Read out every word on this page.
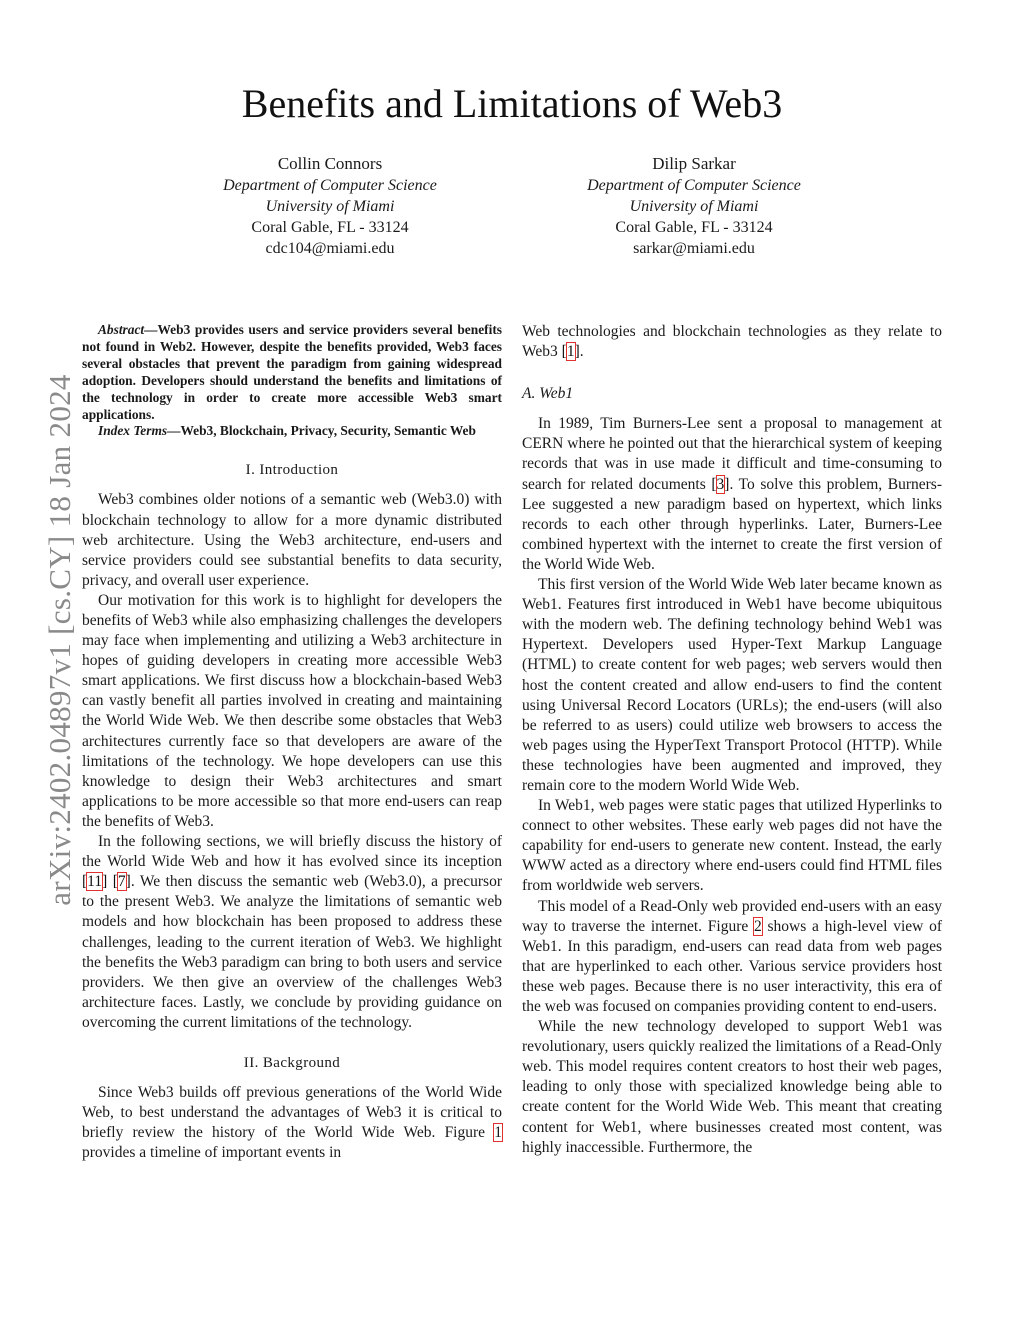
arXiv:2402.04897v1 [cs.CY] 18 Jan 2024
Benefits and Limitations of Web3
Collin Connors
Department of Computer Science
University of Miami
Coral Gable, FL - 33124
cdc104@miami.edu
Dilip Sarkar
Department of Computer Science
University of Miami
Coral Gable, FL - 33124
sarkar@miami.edu

Abstract—Web3 provides users and service providers several benefits not found in Web2. However, despite the benefits provided, Web3 faces several obstacles that prevent the paradigm from gaining widespread adoption. Developers should understand the benefits and limitations of the technology in order to create more accessible Web3 smart applications.

Index Terms—Web3, Blockchain, Privacy, Security, Semantic Web

I. Introduction

Web3 combines older notions of a semantic web (Web3.0) with blockchain technology to allow for a more dynamic distributed web architecture. Using the Web3 architecture, end-users and service providers could see substantial benefits to data security, privacy, and overall user experience.

Our motivation for this work is to highlight for developers the benefits of Web3 while also emphasizing challenges the developers may face when implementing and utilizing a Web3 architecture in hopes of guiding developers in creating more accessible Web3 smart applications. We first discuss how a blockchain-based Web3 can vastly benefit all parties involved in creating and maintaining the World Wide Web. We then describe some obstacles that Web3 architectures currently face so that developers are aware of the limitations of the technology. We hope developers can use this knowledge to design their Web3 architectures and smart applications to be more accessible so that more end-users can reap the benefits of Web3.

In the following sections, we will briefly discuss the history of the World Wide Web and how it has evolved since its inception [ 11 ] [ 7 ] . We then discuss the semantic web (Web3.0), a precursor to the present Web3. We analyze the limitations of semantic web models and how blockchain has been proposed to address these challenges, leading to the current iteration of Web3. We highlight the benefits the Web3 paradigm can bring to both users and service providers. We then give an overview of the challenges Web3 architecture faces. Lastly, we conclude by providing guidance on overcoming the current limitations of the technology.

II. Background

Since Web3 builds off previous generations of the World Wide Web, to best understand the advantages of Web3 it is critical to briefly review the history of the World Wide Web. Figure 1 provides a timeline of important events in

Web technologies and blockchain technologies as they relate to Web3 [ 1 ] .

A. Web1

In 1989, Tim Burners-Lee sent a proposal to management at CERN where he pointed out that the hierarchical system of keeping records that was in use made it difficult and time-consuming to search for related documents [ 3 ] . To solve this problem, Burners-Lee suggested a new paradigm based on hypertext, which links records to each other through hyperlinks. Later, Burners-Lee combined hypertext with the internet to create the first version of the World Wide Web.

This first version of the World Wide Web later became known as Web1. Features first introduced in Web1 have become ubiquitous with the modern web. The defining technology behind Web1 was Hypertext. Developers used Hyper-Text Markup Language (HTML) to create content for web pages; web servers would then host the content created and allow end-users to find the content using Universal Record Locators (URLs); the end-users (will also be referred to as users) could utilize web browsers to access the web pages using the HyperText Transport Protocol (HTTP). While these technologies have been augmented and improved, they remain core to the modern World Wide Web.

In Web1, web pages were static pages that utilized Hyperlinks to connect to other websites. These early web pages did not have the capability for end-users to generate new content. Instead, the early WWW acted as a directory where end-users could find HTML files from worldwide web servers.

This model of a Read-Only web provided end-users with an easy way to traverse the internet. Figure 2 shows a high-level view of Web1. In this paradigm, end-users can read data from web pages that are hyperlinked to each other. Various service providers host these web pages. Because there is no user interactivity, this era of the web was focused on companies providing content to end-users.

While the new technology developed to support Web1 was revolutionary, users quickly realized the limitations of a Read-Only web. This model requires content creators to host their web pages, leading to only those with specialized knowledge being able to create content for the World Wide Web. This meant that creating content for Web1, where businesses created most content, was highly inaccessible. Furthermore, the
